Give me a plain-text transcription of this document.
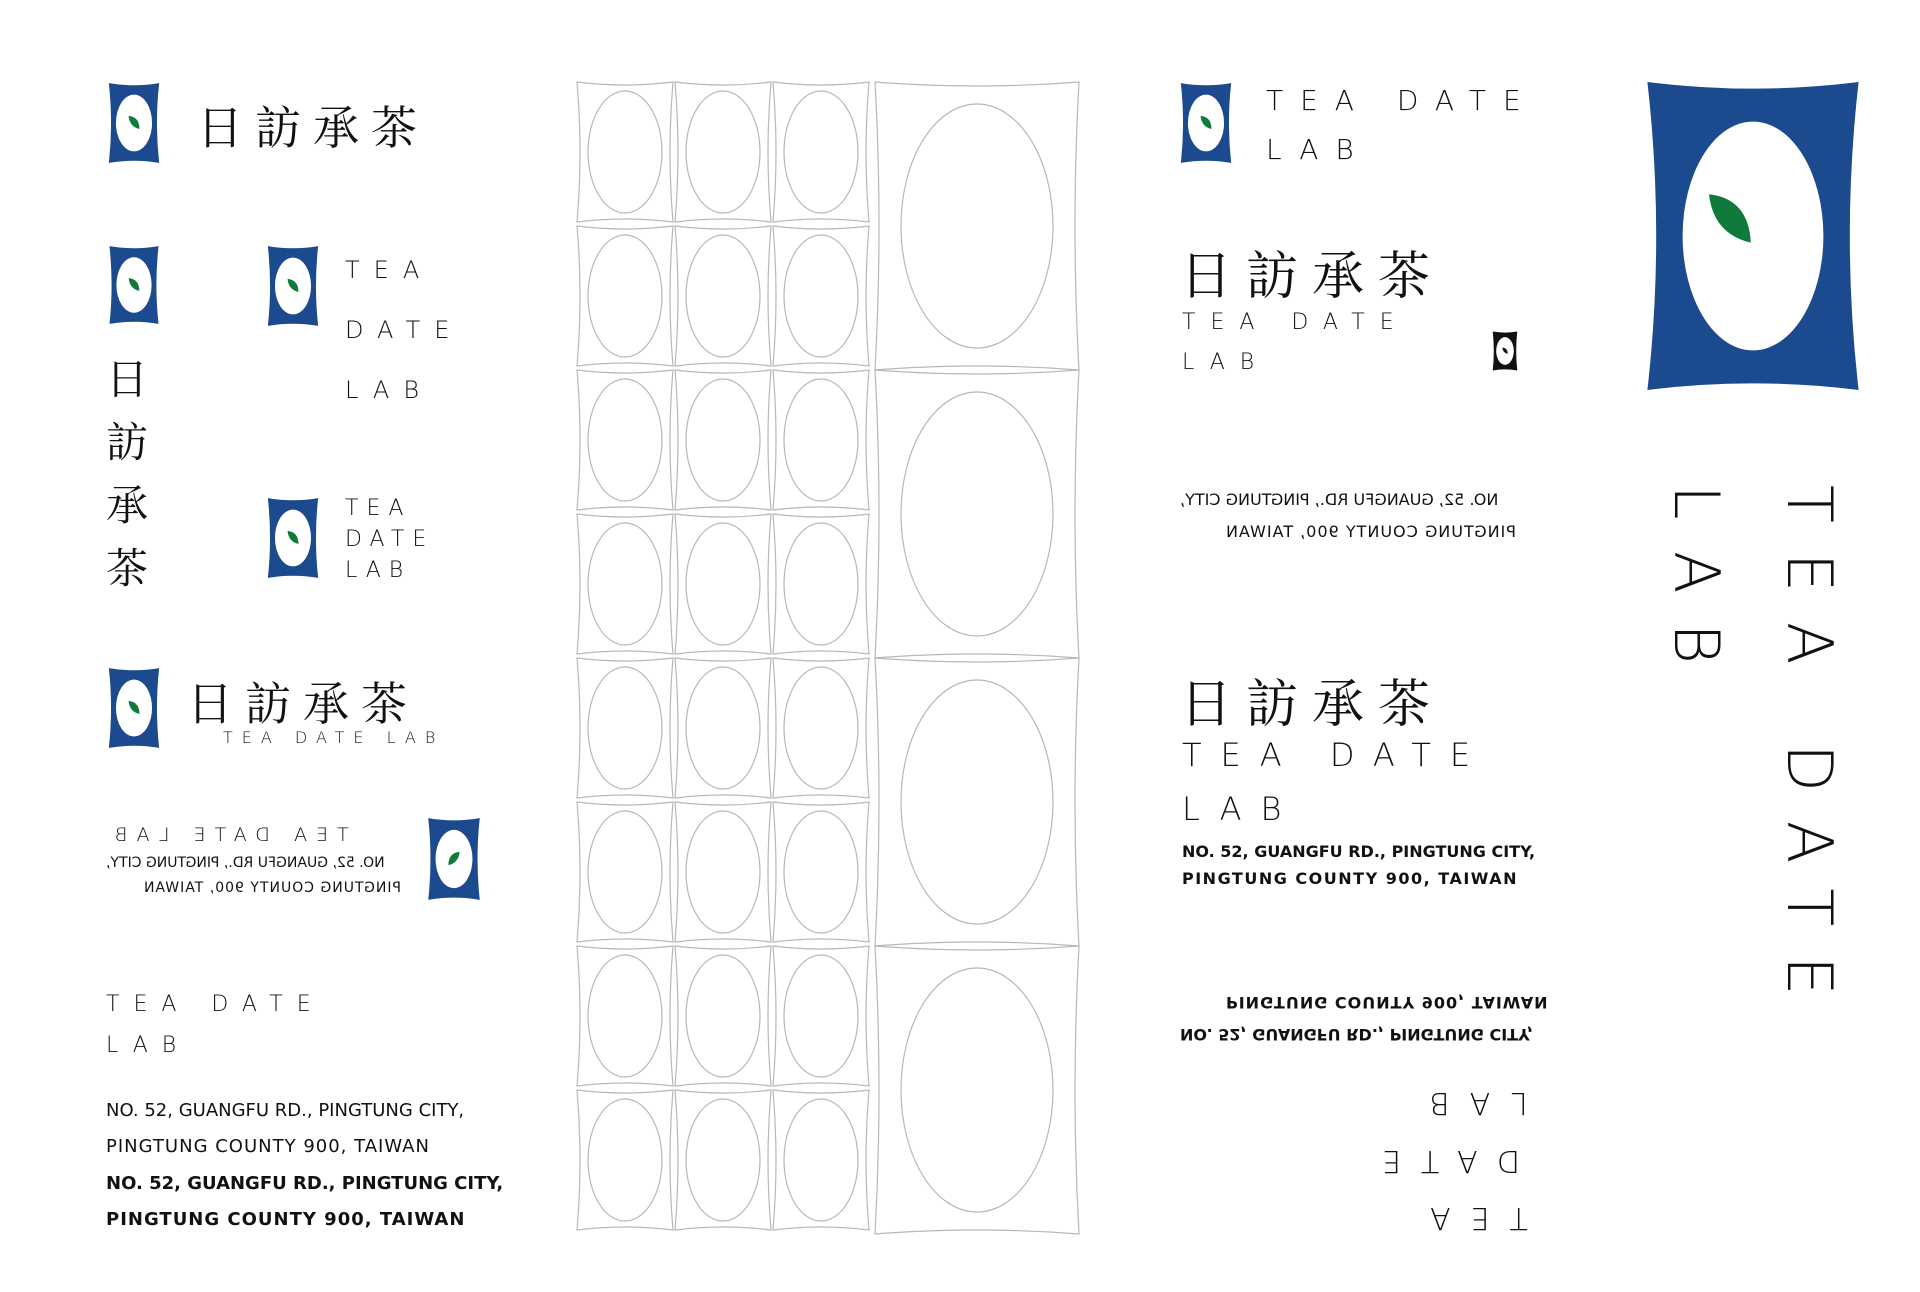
日訪承茶
日
訪
承
茶
TEA
DATE
LAB
TEA
DATE
LAB
日訪承茶
TEA DATE LAB
TEA DATE LAB
NO. 52, GUANGFU RD., PINGTUNG CITY,
PINGTUNG COUNTY 900, TAIWAN
TEA DATE
LAB
NO. 52, GUANGFU RD., PINGTUNG CITY,
PINGTUNG COUNTY 900, TAIWAN
NO. 52, GUANGFU RD., PINGTUNG CITY,
PINGTUNG COUNTY 900, TAIWAN
TEA DATE
LAB
日訪承茶
TEA DATE
LAB
NO. 52, GUANGFU RD., PINGTUNG CITY,
PINGTUNG COUNTY 900, TAIWAN
日訪承茶
TEA DATE
LAB
NO. 52, GUANGFU RD., PINGTUNG CITY,
PINGTUNG COUNTY 900, TAIWAN
PINGTUNG COUNTY 900, TAIWAN
NO. 52, GUANGFU RD., PINGTUNG CITY,
LAB
DATE
TEA
TEA DATE
LAB
